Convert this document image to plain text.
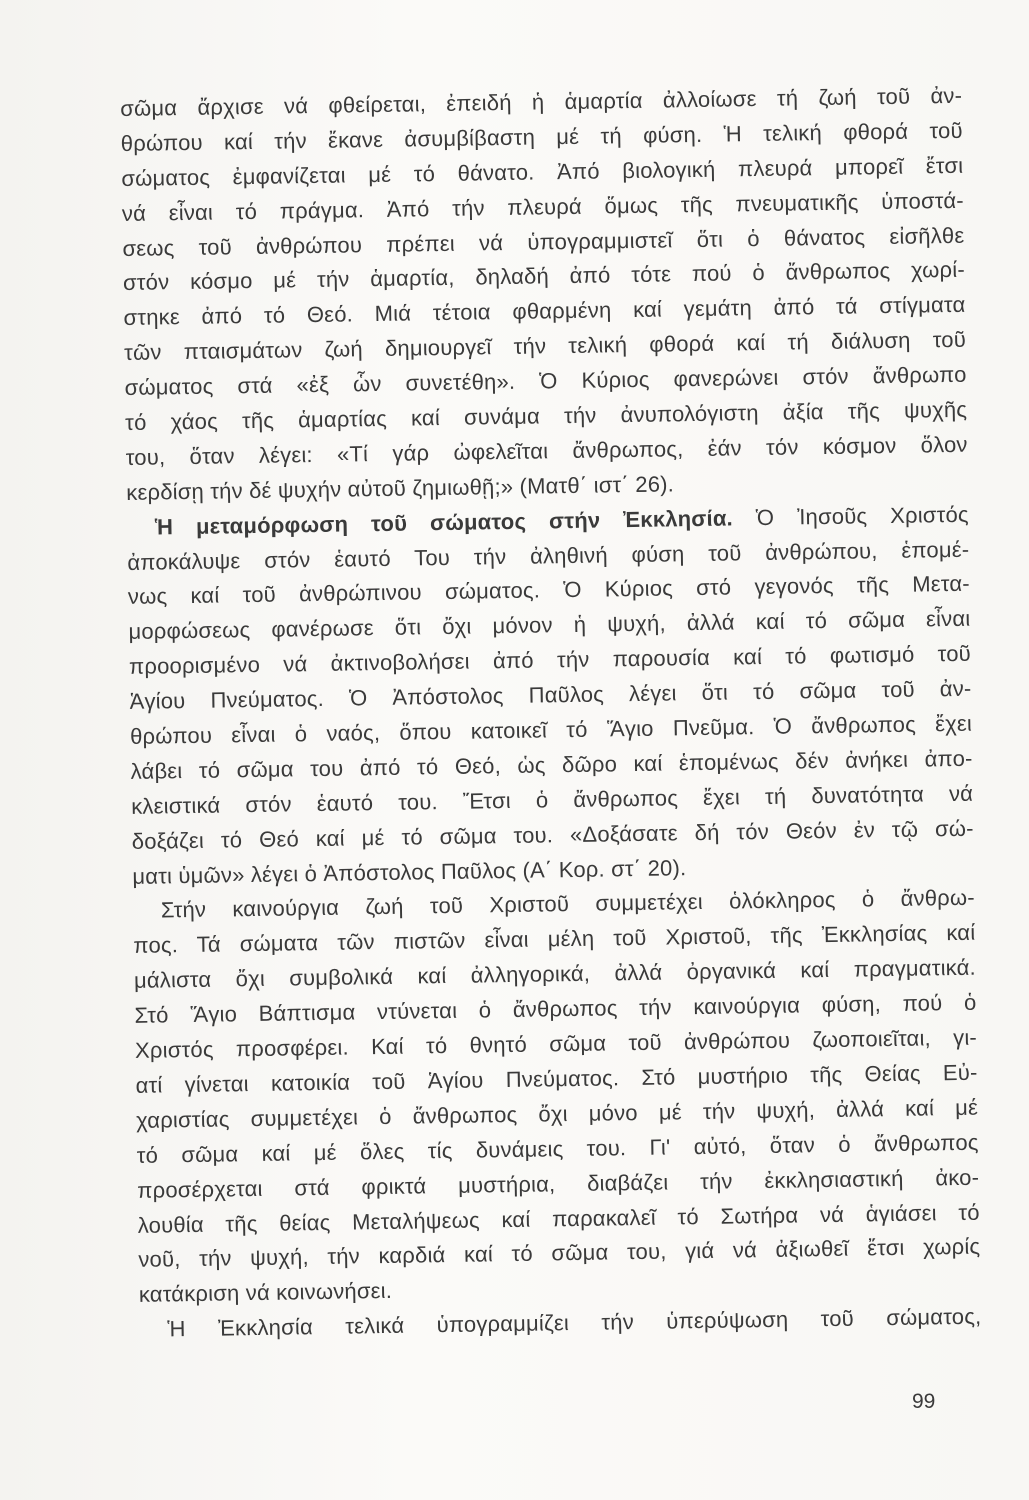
σῶμα ἄρχισε νά φθείρεται, ἐπειδή ἡ ἁμαρτία ἀλλοίωσε τή ζωή τοῦ ἀν-
θρώπου καί τήν ἔκανε ἀσυμβίβαστη μέ τή φύση. Ἡ τελική φθορά τοῦ
σώματος ἐμφανίζεται μέ τό θάνατο. Ἀπό βιολογική πλευρά μπορεῖ ἔτσι
νά εἶναι τό πράγμα. Ἀπό τήν πλευρά ὅμως τῆς πνευματικῆς ὑποστά-
σεως τοῦ ἀνθρώπου πρέπει νά ὑπογραμμιστεῖ ὅτι ὁ θάνατος εἰσῆλθε
στόν κόσμο μέ τήν ἁμαρτία, δηλαδή ἀπό τότε πού ὁ ἄνθρωπος χωρί-
στηκε ἀπό τό Θεό. Μιά τέτοια φθαρμένη καί γεμάτη ἀπό τά στίγματα
τῶν πταισμάτων ζωή δημιουργεῖ τήν τελική φθορά καί τή διάλυση τοῦ
σώματος στά «ἐξ ὧν συνετέθη». Ὁ Κύριος φανερώνει στόν ἄνθρωπο
τό χάος τῆς ἁμαρτίας καί συνάμα τήν ἀνυπολόγιστη ἀξία τῆς ψυχῆς
του, ὅταν λέγει: «Τί γάρ ὠφελεῖται ἄνθρωπος, ἐάν τόν κόσμον ὅλον
κερδίσῃ τήν δέ ψυχήν αὐτοῦ ζημιωθῇ;» (Ματθ΄ ιστ΄ 26).
Ἡ μεταμόρφωση τοῦ σώματος στήν Ἐκκλησία. Ὁ Ἰησοῦς Χριστός
ἀποκάλυψε στόν ἑαυτό Του τήν ἀληθινή φύση τοῦ ἀνθρώπου, ἑπομέ-
νως καί τοῦ ἀνθρώπινου σώματος. Ὁ Κύριος στό γεγονός τῆς Μετα-
μορφώσεως φανέρωσε ὅτι ὄχι μόνον ἡ ψυχή, ἀλλά καί τό σῶμα εἶναι
προορισμένο νά ἀκτινοβολήσει ἀπό τήν παρουσία καί τό φωτισμό τοῦ
Ἁγίου Πνεύματος. Ὁ Ἀπόστολος Παῦλος λέγει ὅτι τό σῶμα τοῦ ἀν-
θρώπου εἶναι ὁ ναός, ὅπου κατοικεῖ τό Ἅγιο Πνεῦμα. Ὁ ἄνθρωπος ἔχει
λάβει τό σῶμα του ἀπό τό Θεό, ὡς δῶρο καί ἑπομένως δέν ἀνήκει ἀπο-
κλειστικά στόν ἑαυτό του. Ἔτσι ὁ ἄνθρωπος ἔχει τή δυνατότητα νά
δοξάζει τό Θεό καί μέ τό σῶμα του. «Δοξάσατε δή τόν Θεόν ἐν τῷ σώ-
ματι ὑμῶν» λέγει ὁ Ἀπόστολος Παῦλος (Α΄ Κορ. στ΄ 20).
Στήν καινούργια ζωή τοῦ Χριστοῦ συμμετέχει ὁλόκληρος ὁ ἄνθρω-
πος. Τά σώματα τῶν πιστῶν εἶναι μέλη τοῦ Χριστοῦ, τῆς Ἐκκλησίας καί
μάλιστα ὄχι συμβολικά καί ἀλληγορικά, ἀλλά ὀργανικά καί πραγματικά.
Στό Ἅγιο Βάπτισμα ντύνεται ὁ ἄνθρωπος τήν καινούργια φύση, πού ὁ
Χριστός προσφέρει. Καί τό θνητό σῶμα τοῦ ἀνθρώπου ζωοποιεῖται, γι-
ατί γίνεται κατοικία τοῦ Ἁγίου Πνεύματος. Στό μυστήριο τῆς Θείας Εὐ-
χαριστίας συμμετέχει ὁ ἄνθρωπος ὄχι μόνο μέ τήν ψυχή, ἀλλά καί μέ
τό σῶμα καί μέ ὅλες τίς δυνάμεις του. Γι' αὐτό, ὅταν ὁ ἄνθρωπος
προσέρχεται στά φρικτά μυστήρια, διαβάζει τήν ἐκκλησιαστική ἀκο-
λουθία τῆς θείας Μεταλήψεως καί παρακαλεῖ τό Σωτήρα νά ἁγιάσει τό
νοῦ, τήν ψυχή, τήν καρδιά καί τό σῶμα του, γιά νά ἀξιωθεῖ ἔτσι χωρίς
κατάκριση νά κοινωνήσει.
Ἡ Ἐκκλησία τελικά ὑπογραμμίζει τήν ὑπερύψωση τοῦ σώματος,
99
